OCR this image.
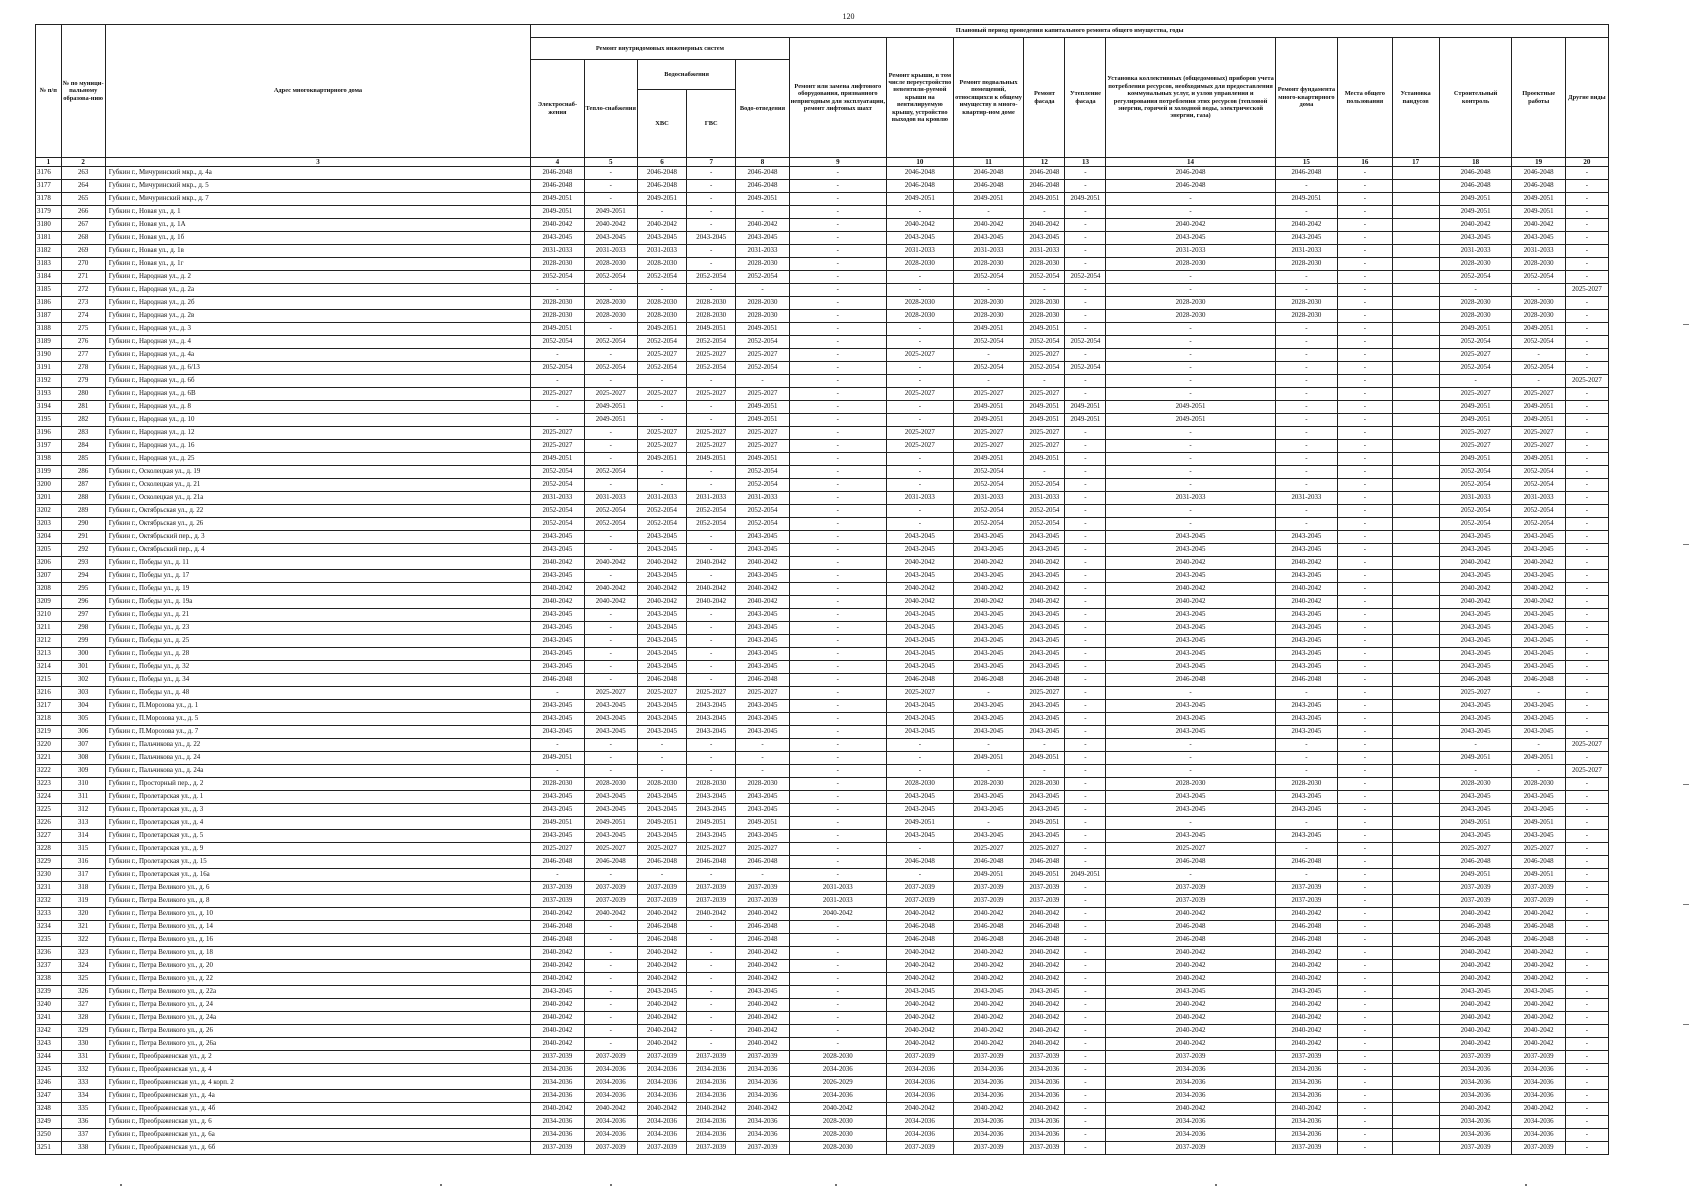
120
№ п/п	№ по муници-пальному образова-нию	Адрес многоквартирного дома	Плановый период проведения капитального ремонта общего имущества, годы																
			Ремонт внутридомовых инженерных систем					Ремонт или замена лифтового оборудования, признанного непригодным для эксплуатации, ремонт лифтовых шахт	Ремонт крыши, в том числе переустройство невентили-руемой крыши на вентилируемую крышу, устройство выходов на кровлю	Ремонт подвальных помещений, относящихся к общему имуществу в много-квартир-ном доме	Ремонт фасада	Утепление фасада	Установка коллективных (общедомовых) приборов учета потребления ресурсов, необходимых для предоставления коммунальных услуг, и узлов управления и регулирования потребления этих ресурсов (тепловой энергии, горячей и холодной воды, электрической энергии, газа)	Ремонт фундамента много-квартирного дома	Места общего пользования	Установка пандусов	Строительный контроль	Проектные работы	Другие виды
			Электроснаб-жения	Тепло-снабжения	Водоснабжения		Водо-отведения												
					ХВС	ГВС													
1	2	3	4	5	6	7	8	9	10	11	12	13	14	15	16	17	18	19	20
3176	263	Губкин г., Мичуринский мкр., д. 4а	2046-2048	-	2046-2048	-	2046-2048	-	2046-2048	2046-2048	2046-2048	-	2046-2048	2046-2048	-		2046-2048	2046-2048	-
3177	264	Губкин г., Мичуринский мкр., д. 5	2046-2048	-	2046-2048	-	2046-2048	-	2046-2048	2046-2048	2046-2048	-	2046-2048	-	-		2046-2048	2046-2048	-
3178	265	Губкин г., Мичуринский мкр., д. 7	2049-2051	-	2049-2051	-	2049-2051	-	2049-2051	2049-2051	2049-2051	2049-2051	-	2049-2051	-		2049-2051	2049-2051	-
3179	266	Губкин г., Новая ул., д. 1	2049-2051	2049-2051	-	-	-	-	-	-	-	-	-	-	-		2049-2051	2049-2051	-
3180	267	Губкин г., Новая ул., д. 1А	2040-2042	2040-2042	2040-2042	-	2040-2042	-	2040-2042	2040-2042	2040-2042	-	2040-2042	2040-2042	-		2040-2042	2040-2042	-
3181	268	Губкин г., Новая ул., д. 1б	2043-2045	2043-2045	2043-2045	2043-2045	2043-2045	-	2043-2045	2043-2045	2043-2045	-	2043-2045	2043-2045	-		2043-2045	2043-2045	-
3182	269	Губкин г., Новая ул., д. 1в	2031-2033	2031-2033	2031-2033	-	2031-2033	-	2031-2033	2031-2033	2031-2033	-	2031-2033	2031-2033	-		2031-2033	2031-2033	-
3183	270	Губкин г., Новая ул., д. 1г	2028-2030	2028-2030	2028-2030	-	2028-2030	-	2028-2030	2028-2030	2028-2030	-	2028-2030	2028-2030	-		2028-2030	2028-2030	-
3184	271	Губкин г., Народная ул., д. 2	2052-2054	2052-2054	2052-2054	2052-2054	2052-2054	-	-	2052-2054	2052-2054	2052-2054	-	-	-		2052-2054	2052-2054	-
3185	272	Губкин г., Народная ул., д. 2а	-	-	-	-	-	-	-	-	-	-	-	-	-		-	-	2025-2027
3186	273	Губкин г., Народная ул., д. 2б	2028-2030	2028-2030	2028-2030	2028-2030	2028-2030	-	2028-2030	2028-2030	2028-2030	-	2028-2030	2028-2030	-		2028-2030	2028-2030	-
3187	274	Губкин г., Народная ул., д. 2в	2028-2030	2028-2030	2028-2030	2028-2030	2028-2030	-	2028-2030	2028-2030	2028-2030	-	2028-2030	2028-2030	-		2028-2030	2028-2030	-
3188	275	Губкин г., Народная ул., д. 3	2049-2051	-	2049-2051	2049-2051	2049-2051	-	-	2049-2051	2049-2051	-	-	-	-		2049-2051	2049-2051	-
3189	276	Губкин г., Народная ул., д. 4	2052-2054	2052-2054	2052-2054	2052-2054	2052-2054	-	-	2052-2054	2052-2054	2052-2054	-	-	-		2052-2054	2052-2054	-
3190	277	Губкин г., Народная ул., д. 4а	-	-	2025-2027	2025-2027	2025-2027	-	2025-2027	-	2025-2027	-	-	-	-		2025-2027	-	-
3191	278	Губкин г., Народная ул., д. 6/13	2052-2054	2052-2054	2052-2054	2052-2054	2052-2054	-	-	2052-2054	2052-2054	2052-2054	-	-	-		2052-2054	2052-2054	-
3192	279	Губкин г., Народная ул., д. 6б	-	-	-	-	-	-	-	-	-	-	-	-	-		-	-	2025-2027
3193	280	Губкин г., Народная ул., д. 6В	2025-2027	2025-2027	2025-2027	2025-2027	2025-2027	-	2025-2027	2025-2027	2025-2027	-	-	-	-		2025-2027	2025-2027	-
3194	281	Губкин г., Народная ул., д. 8	-	2049-2051	-	-	2049-2051	-	-	2049-2051	2049-2051	2049-2051	2049-2051	-	-		2049-2051	2049-2051	-
3195	282	Губкин г., Народная ул., д. 10	-	2049-2051	-	-	2049-2051	-	-	2049-2051	2049-2051	2049-2051	2049-2051	-	-		2049-2051	2049-2051	-
3196	283	Губкин г., Народная ул., д. 12	2025-2027	-	2025-2027	2025-2027	2025-2027	-	2025-2027	2025-2027	2025-2027	-	-	-	-		2025-2027	2025-2027	-
3197	284	Губкин г., Народная ул., д. 16	2025-2027	-	2025-2027	2025-2027	2025-2027	-	2025-2027	2025-2027	2025-2027	-	-	-	-		2025-2027	2025-2027	-
3198	285	Губкин г., Народная ул., д. 25	2049-2051	-	2049-2051	2049-2051	2049-2051	-	-	2049-2051	2049-2051	-	-	-	-		2049-2051	2049-2051	-
3199	286	Губкин г., Осколецкая ул., д. 19	2052-2054	2052-2054	-	-	2052-2054	-	-	2052-2054	-	-	-	-	-		2052-2054	2052-2054	-
3200	287	Губкин г., Осколецкая ул., д. 21	2052-2054	-	-	-	2052-2054	-	-	2052-2054	2052-2054	-	-	-	-		2052-2054	2052-2054	-
3201	288	Губкин г., Осколецкая ул., д. 21а	2031-2033	2031-2033	2031-2033	2031-2033	2031-2033	-	2031-2033	2031-2033	2031-2033	-	2031-2033	2031-2033	-		2031-2033	2031-2033	-
3202	289	Губкин г., Октябрьская ул., д. 22	2052-2054	2052-2054	2052-2054	2052-2054	2052-2054	-	-	2052-2054	2052-2054	-	-	-	-		2052-2054	2052-2054	-
3203	290	Губкин г., Октябрьская ул., д. 26	2052-2054	2052-2054	2052-2054	2052-2054	2052-2054	-	-	2052-2054	2052-2054	-	-	-	-		2052-2054	2052-2054	-
3204	291	Губкин г., Октябрьский пер., д. 3	2043-2045	-	2043-2045	-	2043-2045	-	2043-2045	2043-2045	2043-2045	-	2043-2045	2043-2045	-		2043-2045	2043-2045	-
3205	292	Губкин г., Октябрьский пер., д. 4	2043-2045	-	2043-2045	-	2043-2045	-	2043-2045	2043-2045	2043-2045	-	2043-2045	2043-2045	-		2043-2045	2043-2045	-
3206	293	Губкин г., Победы ул., д. 11	2040-2042	2040-2042	2040-2042	2040-2042	2040-2042	-	2040-2042	2040-2042	2040-2042	-	2040-2042	2040-2042	-		2040-2042	2040-2042	-
3207	294	Губкин г., Победы ул., д. 17	2043-2045	-	2043-2045	-	2043-2045	-	2043-2045	2043-2045	2043-2045	-	2043-2045	2043-2045	-		2043-2045	2043-2045	-
3208	295	Губкин г., Победы ул., д. 19	2040-2042	2040-2042	2040-2042	2040-2042	2040-2042	-	2040-2042	2040-2042	2040-2042	-	2040-2042	2040-2042	-		2040-2042	2040-2042	-
3209	296	Губкин г., Победы ул., д. 19а	2040-2042	2040-2042	2040-2042	2040-2042	2040-2042	-	2040-2042	2040-2042	2040-2042	-	2040-2042	2040-2042	-		2040-2042	2040-2042	-
3210	297	Губкин г., Победы ул., д. 21	2043-2045	-	2043-2045	-	2043-2045	-	2043-2045	2043-2045	2043-2045	-	2043-2045	2043-2045	-		2043-2045	2043-2045	-
3211	298	Губкин г., Победы ул., д. 23	2043-2045	-	2043-2045	-	2043-2045	-	2043-2045	2043-2045	2043-2045	-	2043-2045	2043-2045	-		2043-2045	2043-2045	-
3212	299	Губкин г., Победы ул., д. 25	2043-2045	-	2043-2045	-	2043-2045	-	2043-2045	2043-2045	2043-2045	-	2043-2045	2043-2045	-		2043-2045	2043-2045	-
3213	300	Губкин г., Победы ул., д. 28	2043-2045	-	2043-2045	-	2043-2045	-	2043-2045	2043-2045	2043-2045	-	2043-2045	2043-2045	-		2043-2045	2043-2045	-
3214	301	Губкин г., Победы ул., д. 32	2043-2045	-	2043-2045	-	2043-2045	-	2043-2045	2043-2045	2043-2045	-	2043-2045	2043-2045	-		2043-2045	2043-2045	-
3215	302	Губкин г., Победы ул., д. 34	2046-2048	-	2046-2048	-	2046-2048	-	2046-2048	2046-2048	2046-2048	-	2046-2048	2046-2048	-		2046-2048	2046-2048	-
3216	303	Губкин г., Победы ул., д. 48	-	2025-2027	2025-2027	2025-2027	2025-2027	-	2025-2027	-	2025-2027	-	-	-	-		2025-2027	-	-
3217	304	Губкин г., П.Морозова ул., д. 1	2043-2045	2043-2045	2043-2045	2043-2045	2043-2045	-	2043-2045	2043-2045	2043-2045	-	2043-2045	2043-2045	-		2043-2045	2043-2045	-
3218	305	Губкин г., П.Морозова ул., д. 5	2043-2045	2043-2045	2043-2045	2043-2045	2043-2045	-	2043-2045	2043-2045	2043-2045	-	2043-2045	2043-2045	-		2043-2045	2043-2045	-
3219	306	Губкин г., П.Морозова ул., д. 7	2043-2045	2043-2045	2043-2045	2043-2045	2043-2045	-	2043-2045	2043-2045	2043-2045	-	2043-2045	2043-2045	-		2043-2045	2043-2045	-
3220	307	Губкин г., Пальчикова ул., д. 22	-	-	-	-	-	-	-	-	-	-	-	-	-		-	-	2025-2027
3221	308	Губкин г., Пальчикова ул., д. 24	2049-2051	-	-	-	-	-	-	2049-2051	2049-2051	-	-	-	-		2049-2051	2049-2051	-
3222	309	Губкин г., Пальчикова ул., д. 24а	-	-	-	-	-	-	-	-	-	-	-	-	-		-	-	2025-2027
3223	310	Губкин г., Просторный пер., д. 2	2028-2030	2028-2030	2028-2030	2028-2030	2028-2030	-	2028-2030	2028-2030	2028-2030	-	2028-2030	2028-2030	-		2028-2030	2028-2030	-
3224	311	Губкин г., Пролетарская ул., д. 1	2043-2045	2043-2045	2043-2045	2043-2045	2043-2045	-	2043-2045	2043-2045	2043-2045	-	2043-2045	2043-2045	-		2043-2045	2043-2045	-
3225	312	Губкин г., Пролетарская ул., д. 3	2043-2045	2043-2045	2043-2045	2043-2045	2043-2045	-	2043-2045	2043-2045	2043-2045	-	2043-2045	2043-2045	-		2043-2045	2043-2045	-
3226	313	Губкин г., Пролетарская ул., д. 4	2049-2051	2049-2051	2049-2051	2049-2051	2049-2051	-	2049-2051	-	2049-2051	-	-	-	-		2049-2051	2049-2051	-
3227	314	Губкин г., Пролетарская ул., д. 5	2043-2045	2043-2045	2043-2045	2043-2045	2043-2045	-	2043-2045	2043-2045	2043-2045	-	2043-2045	2043-2045	-		2043-2045	2043-2045	-
3228	315	Губкин г., Пролетарская ул., д. 9	2025-2027	2025-2027	2025-2027	2025-2027	2025-2027	-	-	2025-2027	2025-2027	-	2025-2027	-	-		2025-2027	2025-2027	-
3229	316	Губкин г., Пролетарская ул., д. 15	2046-2048	2046-2048	2046-2048	2046-2048	2046-2048	-	2046-2048	2046-2048	2046-2048	-	2046-2048	2046-2048	-		2046-2048	2046-2048	-
3230	317	Губкин г., Пролетарская ул., д. 16а	-	-	-	-	-	-	-	2049-2051	2049-2051	2049-2051	-	-	-		2049-2051	2049-2051	-
3231	318	Губкин г., Петра Великого ул., д. 6	2037-2039	2037-2039	2037-2039	2037-2039	2037-2039	2031-2033	2037-2039	2037-2039	2037-2039	-	2037-2039	2037-2039	-		2037-2039	2037-2039	-
3232	319	Губкин г., Петра Великого ул., д. 8	2037-2039	2037-2039	2037-2039	2037-2039	2037-2039	2031-2033	2037-2039	2037-2039	2037-2039	-	2037-2039	2037-2039	-		2037-2039	2037-2039	-
3233	320	Губкин г., Петра Великого ул., д. 10	2040-2042	2040-2042	2040-2042	2040-2042	2040-2042	2040-2042	2040-2042	2040-2042	2040-2042	-	2040-2042	2040-2042	-		2040-2042	2040-2042	-
3234	321	Губкин г., Петра Великого ул., д. 14	2046-2048	-	2046-2048	-	2046-2048	-	2046-2048	2046-2048	2046-2048	-	2046-2048	2046-2048	-		2046-2048	2046-2048	-
3235	322	Губкин г., Петра Великого ул., д. 16	2046-2048	-	2046-2048	-	2046-2048	-	2046-2048	2046-2048	2046-2048	-	2046-2048	2046-2048	-		2046-2048	2046-2048	-
3236	323	Губкин г., Петра Великого ул., д. 18	2040-2042	-	2040-2042	-	2040-2042	-	2040-2042	2040-2042	2040-2042	-	2040-2042	2040-2042	-		2040-2042	2040-2042	-
3237	324	Губкин г., Петра Великого ул., д. 20	2040-2042	-	2040-2042	-	2040-2042	-	2040-2042	2040-2042	2040-2042	-	2040-2042	2040-2042	-		2040-2042	2040-2042	-
3238	325	Губкин г., Петра Великого ул., д. 22	2040-2042	-	2040-2042	-	2040-2042	-	2040-2042	2040-2042	2040-2042	-	2040-2042	2040-2042	-		2040-2042	2040-2042	-
3239	326	Губкин г., Петра Великого ул., д. 22а	2043-2045	-	2043-2045	-	2043-2045	-	2043-2045	2043-2045	2043-2045	-	2043-2045	2043-2045	-		2043-2045	2043-2045	-
3240	327	Губкин г., Петра Великого ул., д. 24	2040-2042	-	2040-2042	-	2040-2042	-	2040-2042	2040-2042	2040-2042	-	2040-2042	2040-2042	-		2040-2042	2040-2042	-
3241	328	Губкин г., Петра Великого ул., д. 24а	2040-2042	-	2040-2042	-	2040-2042	-	2040-2042	2040-2042	2040-2042	-	2040-2042	2040-2042	-		2040-2042	2040-2042	-
3242	329	Губкин г., Петра Великого ул., д. 26	2040-2042	-	2040-2042	-	2040-2042	-	2040-2042	2040-2042	2040-2042	-	2040-2042	2040-2042	-		2040-2042	2040-2042	-
3243	330	Губкин г., Петра Великого ул., д. 26а	2040-2042	-	2040-2042	-	2040-2042	-	2040-2042	2040-2042	2040-2042	-	2040-2042	2040-2042	-		2040-2042	2040-2042	-
3244	331	Губкин г., Преображенская ул., д. 2	2037-2039	2037-2039	2037-2039	2037-2039	2037-2039	2028-2030	2037-2039	2037-2039	2037-2039	-	2037-2039	2037-2039	-		2037-2039	2037-2039	-
3245	332	Губкин г., Преображенская ул., д. 4	2034-2036	2034-2036	2034-2036	2034-2036	2034-2036	2034-2036	2034-2036	2034-2036	2034-2036	-	2034-2036	2034-2036	-		2034-2036	2034-2036	-
3246	333	Губкин г., Преображенская ул., д. 4 корп. 2	2034-2036	2034-2036	2034-2036	2034-2036	2034-2036	2026-2029	2034-2036	2034-2036	2034-2036	-	2034-2036	2034-2036	-		2034-2036	2034-2036	-
3247	334	Губкин г., Преображенская ул., д. 4а	2034-2036	2034-2036	2034-2036	2034-2036	2034-2036	2034-2036	2034-2036	2034-2036	2034-2036	-	2034-2036	2034-2036	-		2034-2036	2034-2036	-
3248	335	Губкин г., Преображенская ул., д. 4б	2040-2042	2040-2042	2040-2042	2040-2042	2040-2042	2040-2042	2040-2042	2040-2042	2040-2042	-	2040-2042	2040-2042	-		2040-2042	2040-2042	-
3249	336	Губкин г., Преображенская ул., д. 6	2034-2036	2034-2036	2034-2036	2034-2036	2034-2036	2028-2030	2034-2036	2034-2036	2034-2036	-	2034-2036	2034-2036	-		2034-2036	2034-2036	-
3250	337	Губкин г., Преображенская ул., д. 6а	2034-2036	2034-2036	2034-2036	2034-2036	2034-2036	2028-2030	2034-2036	2034-2036	2034-2036	-	2034-2036	2034-2036	-		2034-2036	2034-2036	-
3251	338	Губкин г., Преображенская ул., д. 6б	2037-2039	2037-2039	2037-2039	2037-2039	2037-2039	2028-2030	2037-2039	2037-2039	2037-2039	-	2037-2039	2037-2039	-		2037-2039	2037-2039	-
